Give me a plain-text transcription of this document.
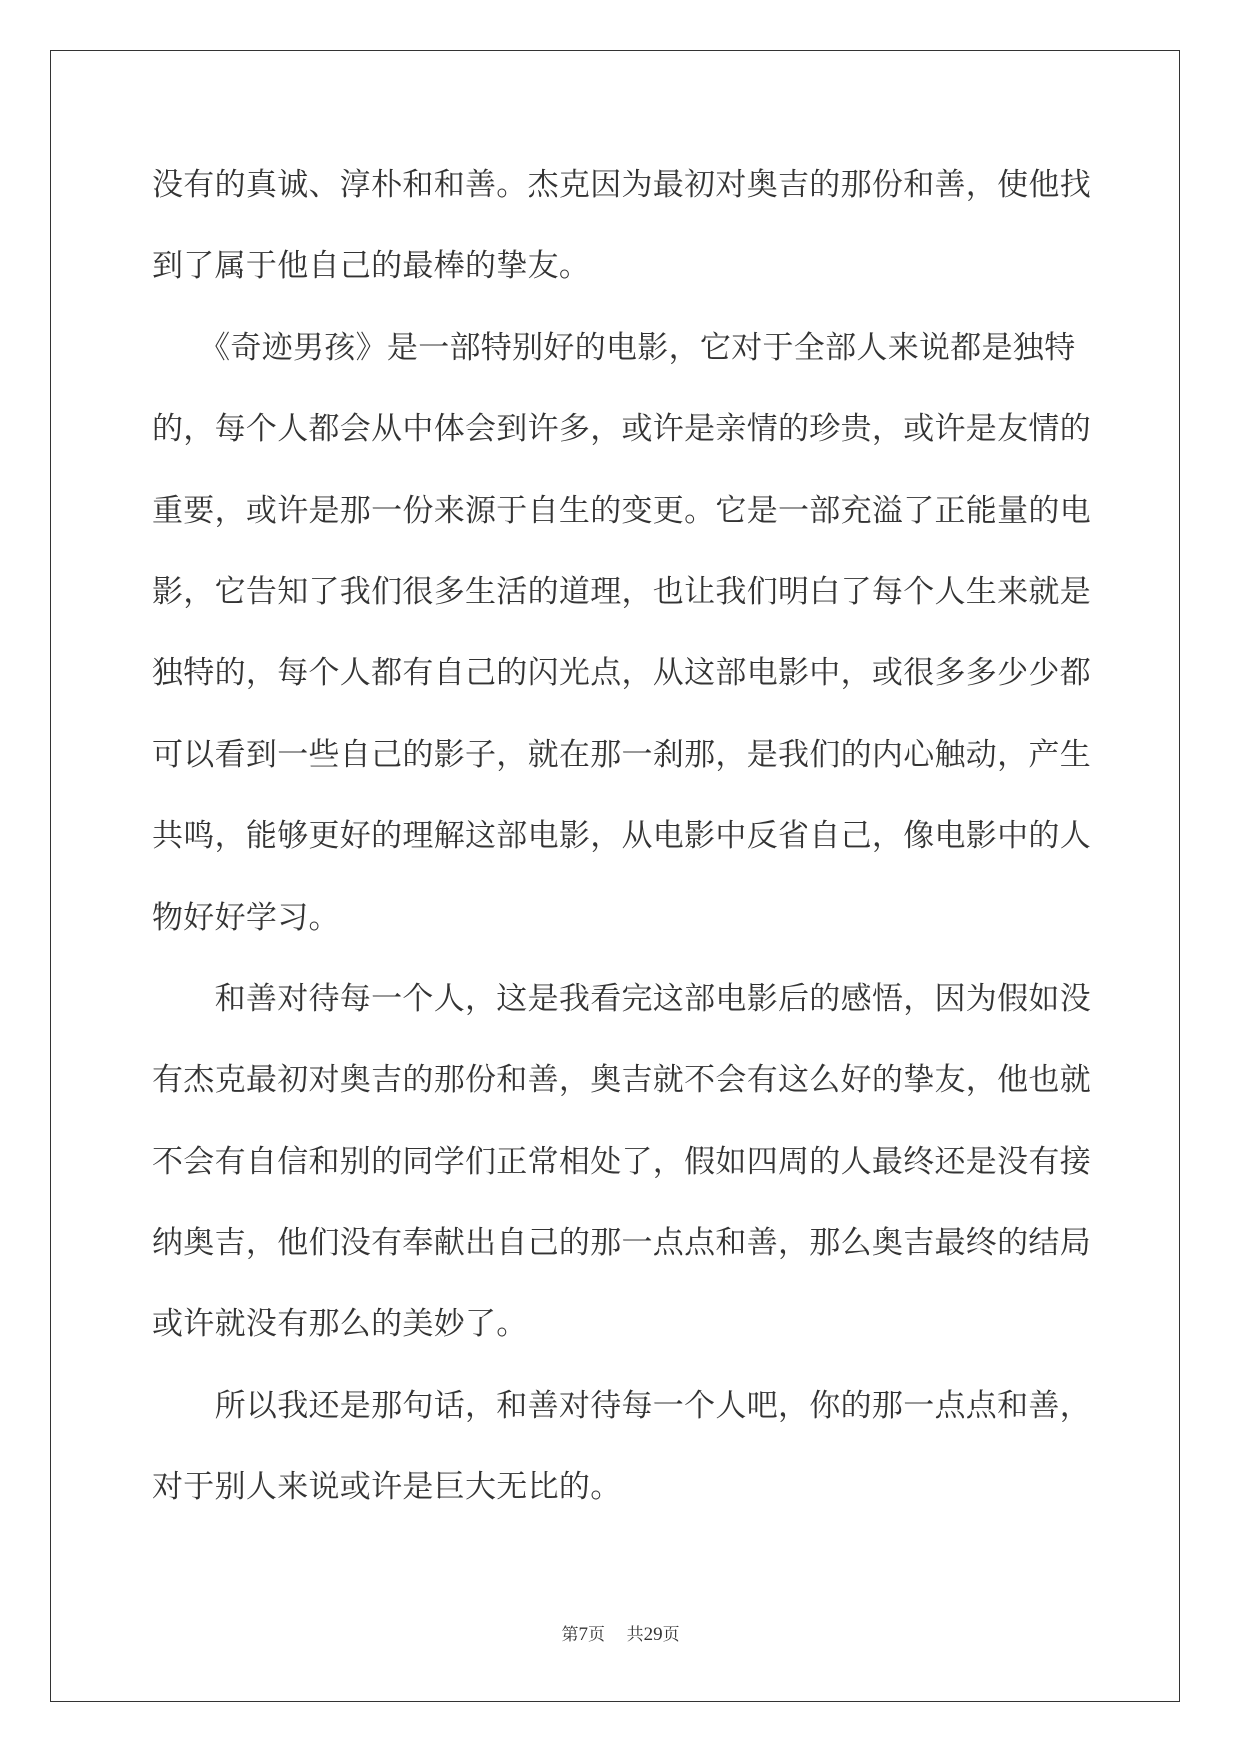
没有的真诚、淳朴和和善。杰克因为最初对奥吉的那份和善，使他找
到了属于他自己的最棒的挚友。
　　《奇迹男孩》是一部特别好的电影，它对于全部人来说都是独特
的，每个人都会从中体会到许多，或许是亲情的珍贵，或许是友情的
重要，或许是那一份来源于自生的变更。它是一部充溢了正能量的电
影，它告知了我们很多生活的道理，也让我们明白了每个人生来就是
独特的，每个人都有自己的闪光点，从这部电影中，或很多多少少都
可以看到一些自己的影子，就在那一刹那，是我们的内心触动，产生
共鸣，能够更好的理解这部电影，从电影中反省自己，像电影中的人
物好好学习。
　　和善对待每一个人，这是我看完这部电影后的感悟，因为假如没
有杰克最初对奥吉的那份和善，奥吉就不会有这么好的挚友，他也就
不会有自信和别的同学们正常相处了，假如四周的人最终还是没有接
纳奥吉，他们没有奉献出自己的那一点点和善，那么奥吉最终的结局
或许就没有那么的美妙了。
　　所以我还是那句话，和善对待每一个人吧，你的那一点点和善，
对于别人来说或许是巨大无比的。
第7页 共29页
